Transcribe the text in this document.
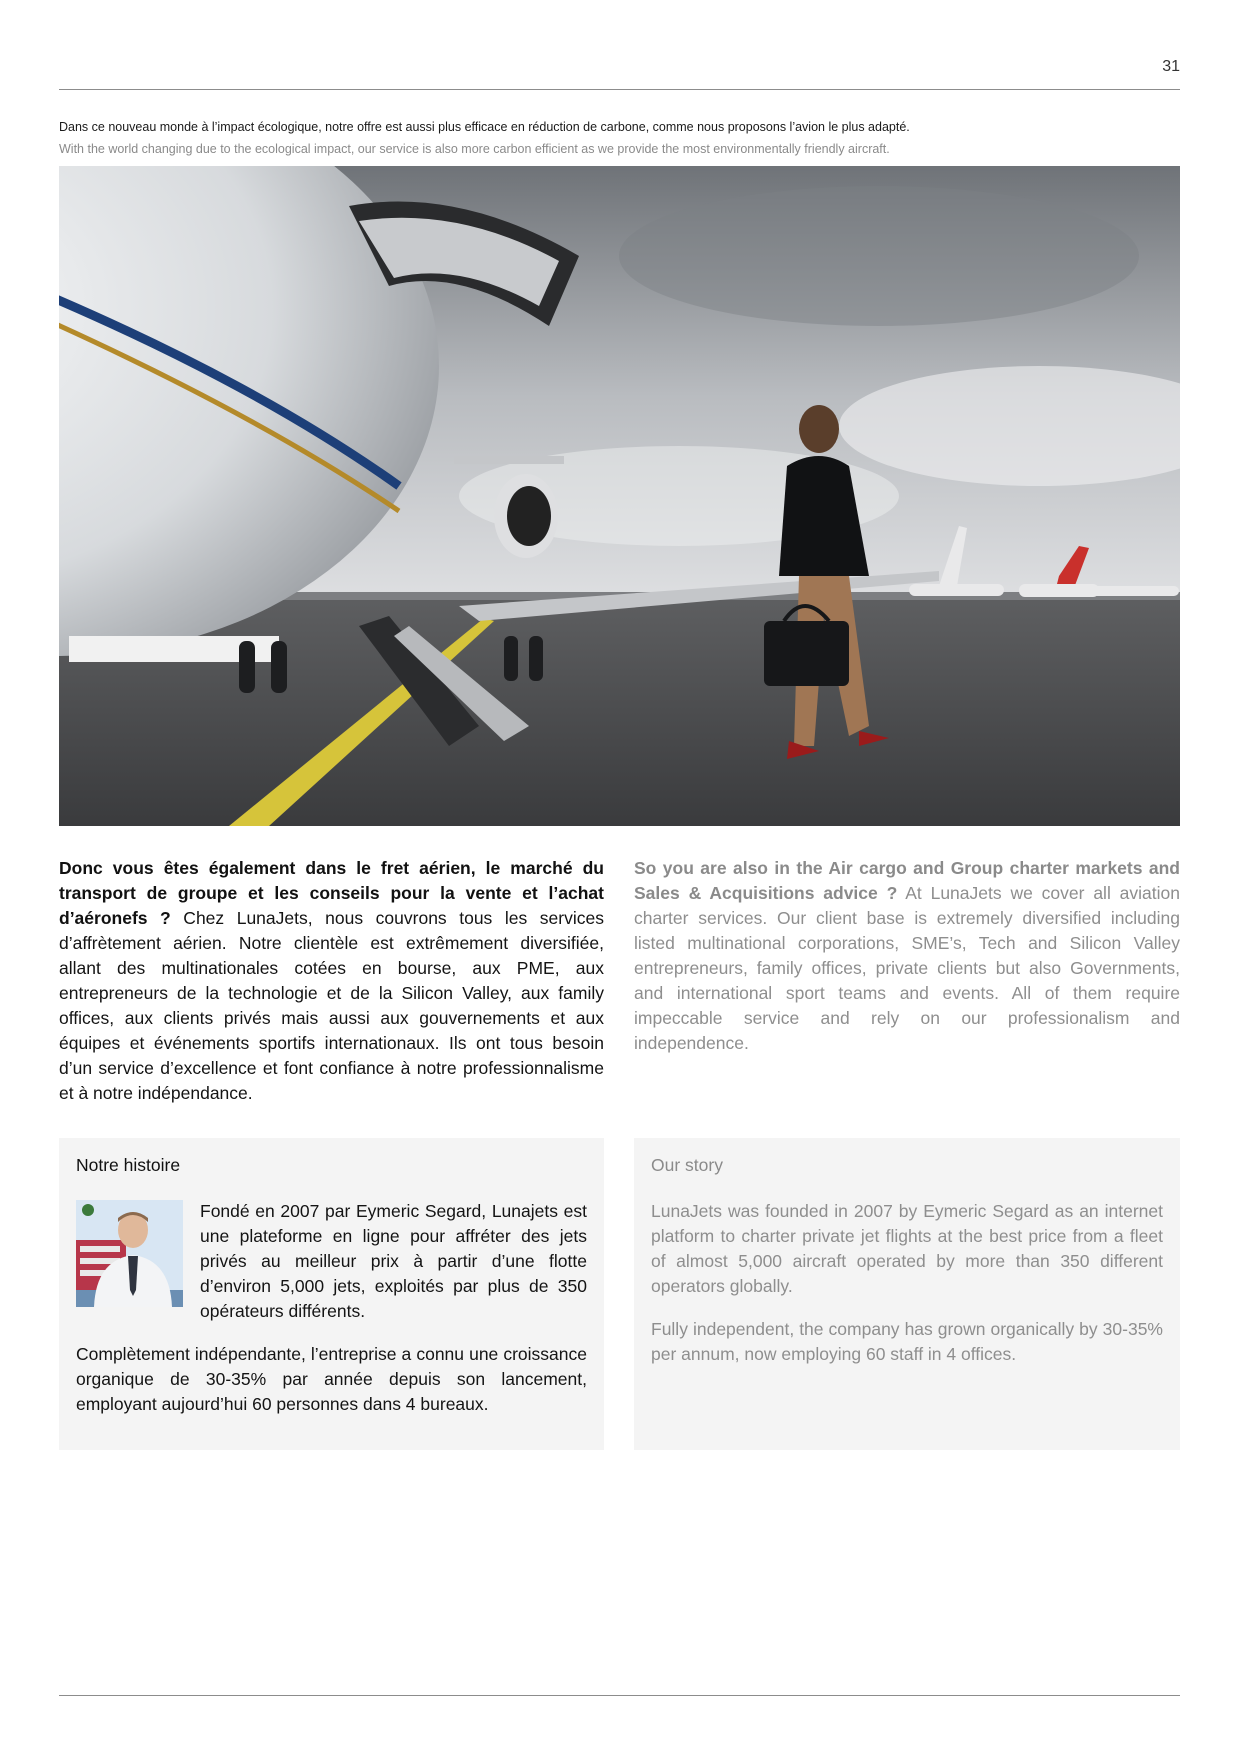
31
Dans ce nouveau monde à l’impact écologique, notre offre est aussi plus efficace en réduction de carbone, comme nous proposons l’avion le plus adapté.
With the world changing due to the ecological impact, our service is also more carbon efficient as we provide the most environmentally friendly aircraft.
Donc vous êtes également dans le fret aérien, le marché du transport de groupe et les conseils pour la vente et l’achat d’aéronefs ? Chez LunaJets, nous couvrons tous les services d’affrètement aérien. Notre clientèle est extrêmement diversifiée, allant des multinationales cotées en bourse, aux PME, aux entrepreneurs de la technologie et de la Silicon Valley, aux family offices, aux clients privés mais aussi aux gouvernements et aux équipes et événements sportifs internationaux. Ils ont tous besoin d’un service d’excellence et font confiance à notre professionnalisme et à notre indépendance.
So you are also in the Air cargo and Group charter markets and Sales & Acquisitions advice ? At LunaJets we cover all aviation charter services. Our client base is extremely diversified including listed multinational corporations, SME’s, Tech and Silicon Valley entrepreneurs, family offices, private clients but also Governments, and international sport teams and events. All of them require impeccable service and rely on our professionalism and independence.
Notre histoire
Fondé en 2007 par Eymeric Segard, Lunajets est une plateforme en ligne pour affréter des jets privés au meilleur prix à partir d’une flotte d’environ 5,000 jets, exploités par plus de 350 opérateurs différents.
Complètement indépendante, l’entreprise a connu une croissance organique de 30-35% par année depuis son lancement, employant aujourd’hui 60 personnes dans 4 bureaux.
Our story
LunaJets was founded in 2007 by Eymeric Segard as an internet platform to charter private jet flights at the best price from a fleet of almost 5,000 aircraft operated by more than 350 different operators globally.
Fully independent, the company has grown organically by 30-35% per annum, now employing 60 staff in 4 offices.
